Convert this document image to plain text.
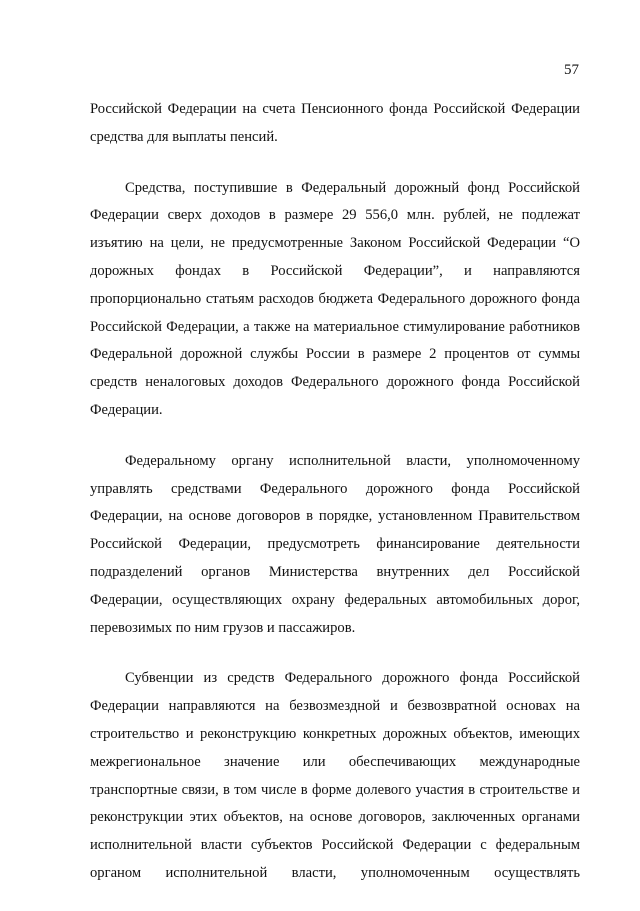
57

Российской Федерации на счета Пенсионного фонда Российской Федерации средства для выплаты пенсий.

Средства, поступившие в Федеральный дорожный фонд Российской Федерации сверх доходов в размере 29 556,0 млн. рублей, не подлежат изъятию на цели, не предусмотренные Законом Российской Федерации “О дорожных фондах в Российской Федерации”, и направляются пропорционально статьям расходов бюджета Федерального дорожного фонда Российской Федерации, а также на материальное стимулирование работников Федеральной дорожной службы России в размере 2 процентов от суммы средств неналоговых доходов Федерального дорожного фонда Российской Федерации.

Федеральному органу исполнительной власти, уполномоченному управлять средствами Федерального дорожного фонда Российской Федерации, на основе договоров в порядке, установленном Правительством Российской Федерации, предусмотреть финансирование деятельности подразделений органов Министерства внутренних дел Российской Федерации, осуществляющих охрану федеральных автомобильных дорог, перевозимых по ним грузов и пассажиров.

Субвенции из средств Федерального дорожного фонда Российской Федерации направляются на безвозмездной и безвозвратной основах на строительство и реконструкцию конкретных дорожных объектов, имеющих межрегиональное значение или обеспечивающих международные транспортные связи, в том числе в форме долевого участия в строительстве и реконструкции этих объектов, на основе договоров, заключенных органами исполнительной власти субъектов Российской Федерации с федеральным органом исполнительной власти, уполномоченным осуществлять
